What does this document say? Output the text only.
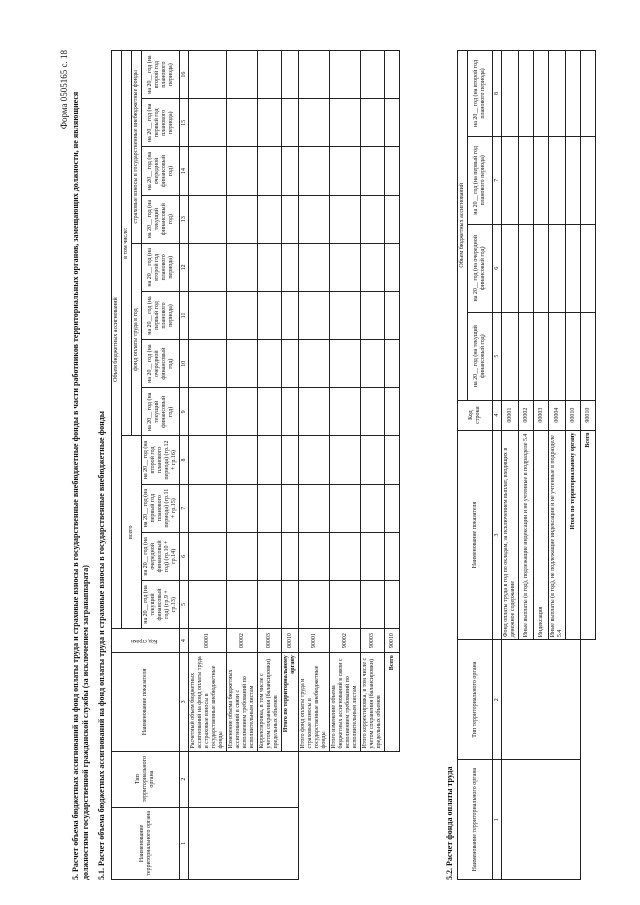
Форма 0505165 с. 18
5. Расчет объема бюджетных ассигнований на фонд оплаты труда и страховые взносы в государственные внебюджетные фонды в части работников территориальных органов, замещающих должности, не являющиеся должностями государственной гражданской службы (за исключением загранаппарата) 5.1. Расчет объема бюджетных ассигнований на фонд оплаты труда и страховые взносы в государственные внебюджетные фонды	Наименование территориального органа	Тип территориального органа	Наименование показателя	Код строки	Объем бюджетных ассигнований											
				всего				в том числе:							
								фонд оплаты труда в год				страховые взносы в государственные внебюджетные фонды			
				на 20__ год (на текущий финансовый год) (гр.9 + гр.13)	на 20__ год (на очередной финансовый год) (гр.10 + гр.14)	на 20__ год (на первый год планового периода) (гр.11 + гр.15)	на 20__ год (на второй год планового периода) (гр.12 + гр.16)	на 20__ год (на текущий финансовый год)	на 20__ год (на очередной финансовый год)	на 20__ год (на первый год планового периода)	на 20__ год (на второй год планового периода)	на 20__ год (на текущий финансовый год)	на 20__ год (на очередной финансовый год)	на 20__ год (на первый год планового периода)	на 20__ год (на второй год планового периода)
1	2	3	4	5	6	7	8	9	10	11	12	13	14	15	16
		Расчетный объем бюджетных ассигнований на фонд оплаты труда и страховые взносы в государственные внебюджетные фонды	00001												
		Изменение объема бюджетных ассигнований в связи с исполнением требований по исполнительным листам	00002												
		Корректировка, в том числе с учетом сохранения (балансировки) предельных объемов	00003												
		Итого по территориальному органу	00010												
		Итого фонд оплаты труда и страховые взносы в государственные внебюджетные фонды	90001												
		Итого изменение объема бюджетных ассигнований в связи с исполнением требований по исполнительным листам	90002												
		Итого корректировка, в том числе с учетом сохранения (балансировки) предельных объемов	90003												
		Всего	90010												
5.2. Расчет фонда оплаты труда	Наименование территориального органа	Тип территориального органа	Наименование показателя	Код строки	Объем бюджетных ассигнований			
				на 20__ год (на текущий финансовый год)	на 20__ год (на очередной финансовый год)	на 20__ год (на первый год планового периода)	на 20__ год (на второй год планового периода)
1	2	3	4	5	6	7	8
		Фонд оплаты труда в год по окладам, за исключением выплат, входящих в денежное содержание	00001				
		Иные выплаты (в год), подлежащие индексации и не учтенные в подразделе 5.4	00002				
		Индексация	00003				
		Иные выплаты (в год), не подлежащие индексации и не учтенные в подразделе 5.4	00004				
		Итого по территориальному органу	00010				
		Всего	90010				
